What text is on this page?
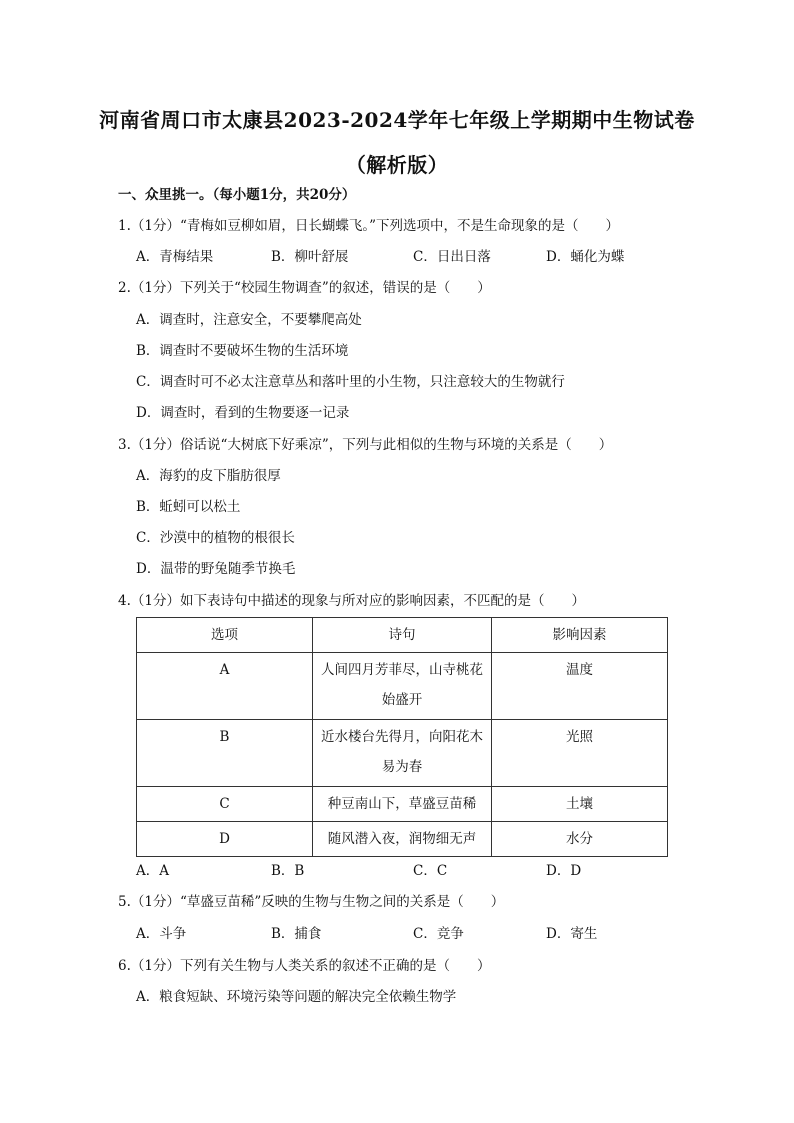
河南省周口市太康县2023-2024学年七年级上学期期中生物试卷
（解析版）
一、众里挑一。（每小题1分，共20分）
1.（1分）“青梅如豆柳如眉，日长蝴蝶飞。”下列选项中，不是生命现象的是（　　）
A．青梅结果	B．柳叶舒展	C．日出日落	D．蛹化为蝶
2.（1分）下列关于“校园生物调查”的叙述，错误的是（　　）
A．调查时，注意安全，不要攀爬高处
B．调查时不要破坏生物的生活环境
C．调查时可不必太注意草丛和落叶里的小生物，只注意较大的生物就行
D．调查时，看到的生物要逐一记录
3.（1分）俗话说“大树底下好乘凉”，下列与此相似的生物与环境的关系是（　　）
A．海豹的皮下脂肪很厚
B．蚯蚓可以松土
C．沙漠中的植物的根很长
D．温带的野兔随季节换毛
4.（1分）如下表诗句中描述的现象与所对应的影响因素，不匹配的是（　　）
选项	诗句	影响因素
A	人间四月芳菲尽，山寺桃花始盛开	温度
B	近水楼台先得月，向阳花木易为春	光照
C	种豆南山下，草盛豆苗稀	土壤
D	随风潜入夜，润物细无声	水分
A．A	B．B	C．C	D．D
5.（1分）“草盛豆苗稀”反映的生物与生物之间的关系是（　　）
A．斗争	B．捕食	C．竞争	D．寄生
6.（1分）下列有关生物与人类关系的叙述不正确的是（　　）
A．粮食短缺、环境污染等问题的解决完全依赖生物学
